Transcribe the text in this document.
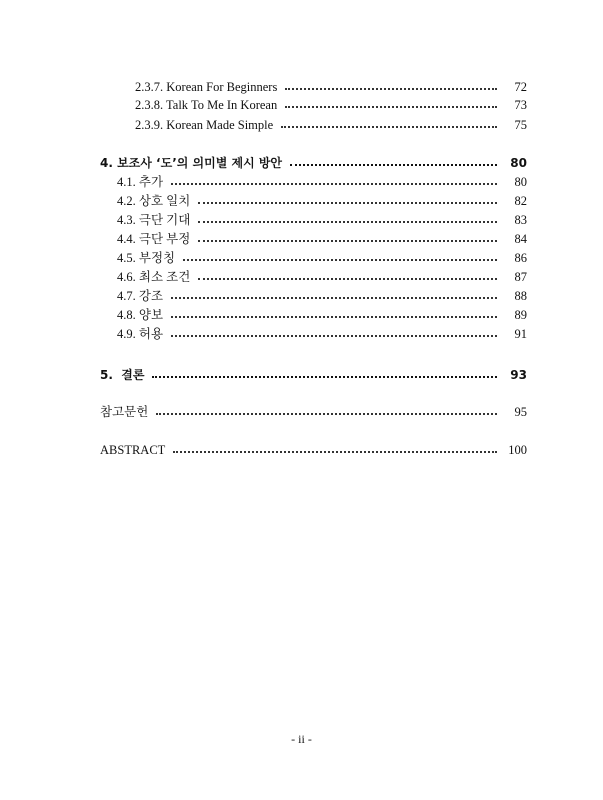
2.3.7. Korean For Beginners	72
2.3.8. Talk To Me In Korean	73
2.3.9. Korean Made Simple	75
4. 보조사 ‘도’의 의미별 제시 방안	80
4.1. 추가	80
4.2. 상호 일치	82
4.3. 극단 기대	83
4.4. 극단 부정	84
4.5. 부정칭	86
4.6. 최소 조건	87
4.7. 강조	88
4.8. 양보	89
4.9. 허용	91
5.  결론	93
참고문헌	95
ABSTRACT	100
- ii -
